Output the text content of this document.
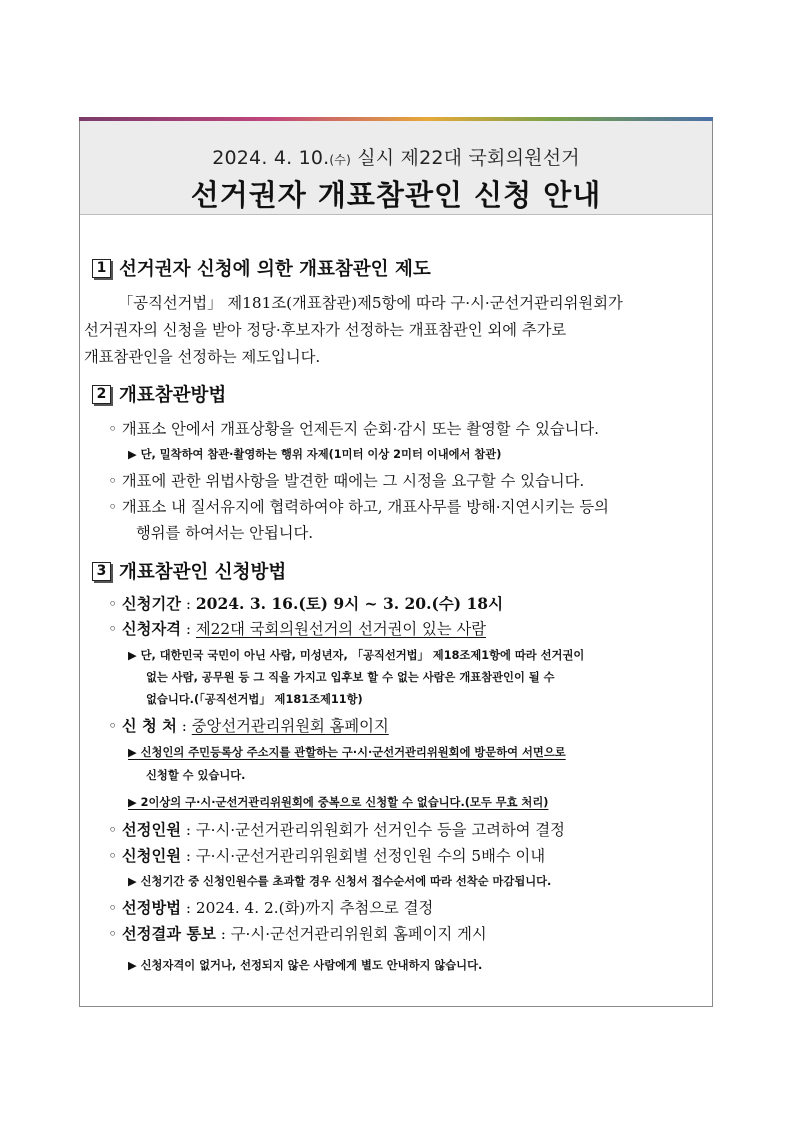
2024. 4. 10.(수) 실시 제22대 국회의원선거
선거권자 개표참관인 신청 안내
1 선거권자 신청에 의한 개표참관인 제도
「공직선거법」 제181조(개표참관)제5항에 따라 구·시·군선거관리위원회가
선거권자의 신청을 받아 정당·후보자가 선정하는 개표참관인 외에 추가로
개표참관인을 선정하는 제도입니다.
2 개표참관방법
◦ 개표소 안에서 개표상황을 언제든지 순회·감시 또는 촬영할 수 있습니다.
▶ 단, 밀착하여 참관·촬영하는 행위 자제(1미터 이상 2미터 이내에서 참관)
◦ 개표에 관한 위법사항을 발견한 때에는 그 시정을 요구할 수 있습니다.
◦ 개표소 내 질서유지에 협력하여야 하고, 개표사무를 방해·지연시키는 등의
행위를 하여서는 안됩니다.
3 개표참관인 신청방법
◦ 신청기간 : 2024. 3. 16.(토) 9시 ~ 3. 20.(수) 18시
◦ 신청자격 : 제22대 국회의원선거의 선거권이 있는 사람
▶ 단, 대한민국 국민이 아닌 사람, 미성년자, 「공직선거법」 제18조제1항에 따라 선거권이
없는 사람, 공무원 등 그 직을 가지고 입후보 할 수 없는 사람은 개표참관인이 될 수
없습니다.(「공직선거법」 제181조제11항)
◦ 신 청 처 : 중앙선거관리위원회 홈페이지
▶ 신청인의 주민등록상 주소지를 관할하는 구·시·군선거관리위원회에 방문하여 서면으로
신청할 수 있습니다.
▶ 2이상의 구·시·군선거관리위원회에 중복으로 신청할 수 없습니다.(모두 무효 처리)
◦ 선정인원 : 구·시·군선거관리위원회가 선거인수 등을 고려하여 결정
◦ 신청인원 : 구·시·군선거관리위원회별 선정인원 수의 5배수 이내
▶ 신청기간 중 신청인원수를 초과할 경우 신청서 접수순서에 따라 선착순 마감됩니다.
◦ 선정방법 : 2024. 4. 2.(화)까지 추첨으로 결정
◦ 선정결과 통보 : 구·시·군선거관리위원회 홈페이지 게시
▶ 신청자격이 없거나, 선정되지 않은 사람에게 별도 안내하지 않습니다.
